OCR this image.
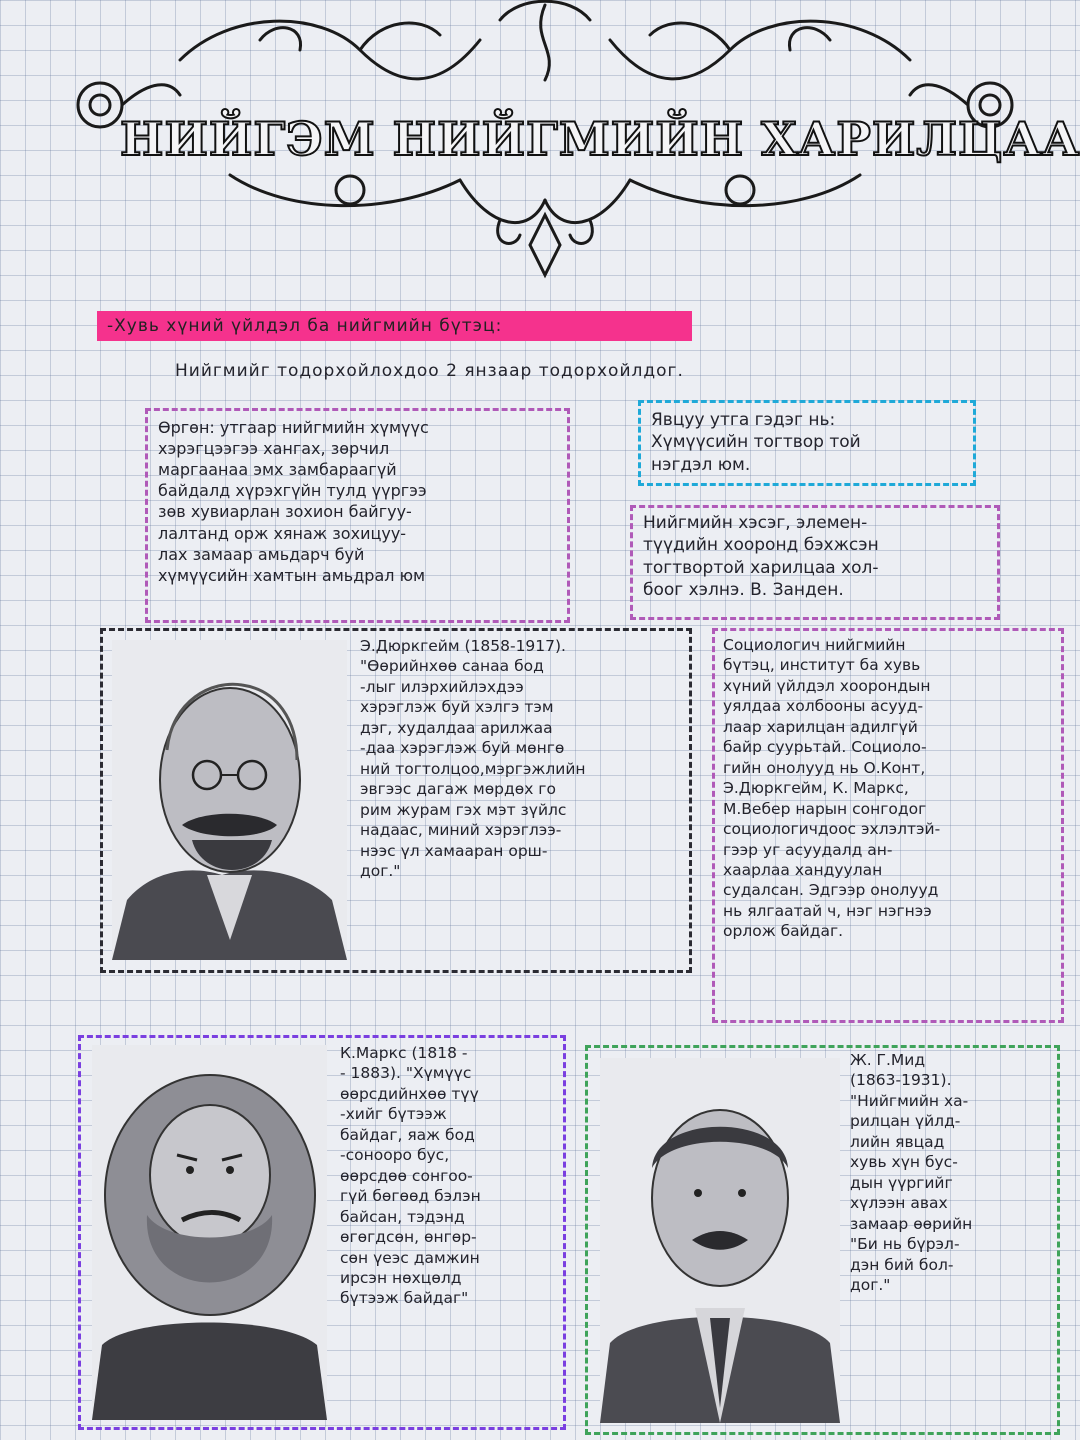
НИЙГЭМ НИЙГМИЙН ХАРИЛЦАА
-Хувь хүний үйлдэл ба нийгмийн бүтэц:
Нийгмийг тодорхойлохдоо 2 янзаар тодорхойлдог.
Өргөн: утгаар нийгмийн хүмүүс
хэрэгцээгээ хангах, зөрчил
маргаанаа эмх замбараагүй
байдалд хүрэхгүйн тулд үүргээ
зөв хувиарлан зохион байгуу-
лалтанд орж хянаж зохицуу-
лах замаар амьдарч буй
хүмүүсийн хамтын амьдрал юм
Явцуу утга гэдэг нь:
Хүмүүсийн тогтвор той
нэгдэл юм.
Нийгмийн хэсэг, элемен-
түүдийн хооронд бэхжсэн
тогтвортой харилцаа хол-
боог хэлнэ. В. Занден.
Э.Дюркгейм (1858-1917).
"Өөрийнхөө санаа бод
-лыг илэрхийлэхдээ
хэрэглэж буй хэлгэ тэм
дэг, худалдаа арилжаа
-даа хэрэглэж буй мөнгө
ний тогтолцоо,мэргэжлийн
эвгээс дагаж мөрдөх го
рим журам гэх мэт зүйлс
надаас, миний хэрэглээ-
нээс үл хамааран орш-
дог."
Социологич нийгмийн
бүтэц, институт ба хувь
хүний үйлдэл хоорондын
уялдаа холбооны асууд-
лаар харилцан адилгүй
байр суурьтай. Социоло-
гийн онолууд нь О.Конт,
Э.Дюркгейм, К. Маркс,
М.Вебер нарын сонгодог
социологичдоос эхлэлтэй-
гээр уг асуудалд ан-
хаарлаа хандуулан
судалсан. Эдгээр онолууд
нь ялгаатай ч, нэг нэгнээ
орлож байдаг.
К.Маркс (1818 -
- 1883). "Хүмүүс
өөрсдийнхөө түү
-хийг бүтээж
байдаг, яаж бод
-сонооро бус,
өөрсдөө сонгоо-
гүй бөгөөд бэлэн
байсан, тэдэнд
өгөгдсөн, өнгөр-
сөн үеэс дамжин
ирсэн нөхцөлд
бүтээж байдаг"
Ж. Г.Мид
(1863-1931).
"Нийгмийн ха-
рилцан үйлд-
лийн явцад
хувь хүн бус-
дын үүргийг
хүлээн авах
замаар өөрийн
"Би нь бүрэл-
дэн бий бол-
дог."
